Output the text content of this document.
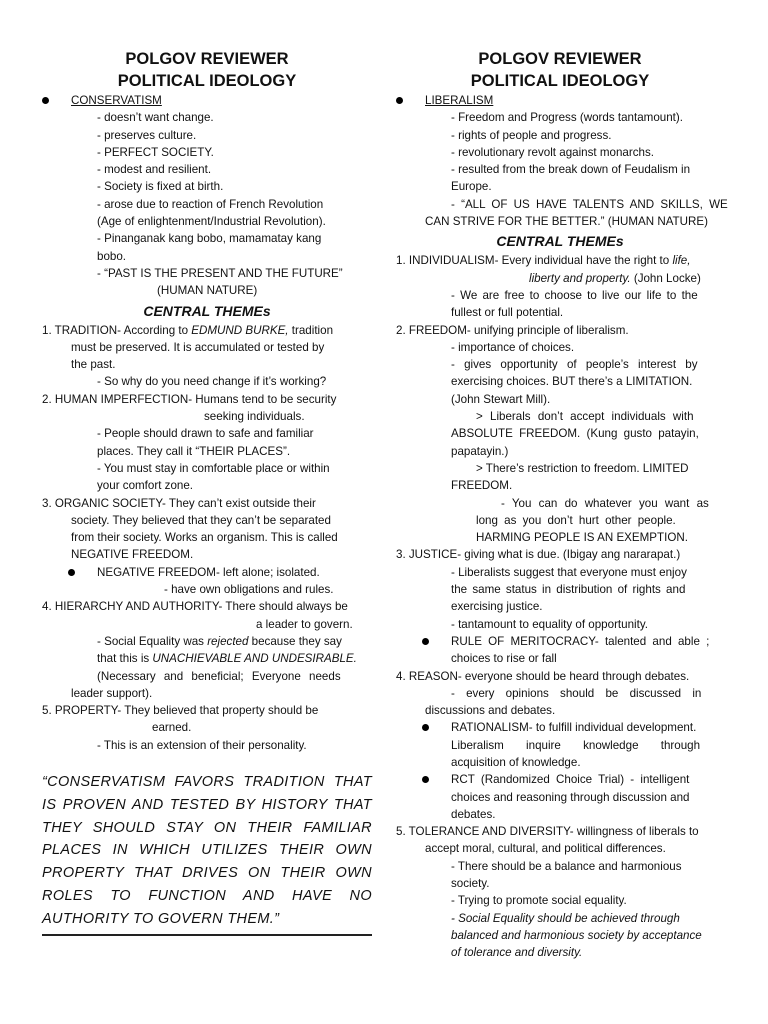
POLGOV REVIEWER
POLITICAL IDEOLOGY
CONSERVATISM
- doesn’t want change.
- preserves culture.
- PERFECT SOCIETY.
- modest and resilient.
- Society is fixed at birth.
- arose due to reaction of French Revolution
(Age of enlightenment/Industrial Revolution).
- Pinanganak kang bobo, mamamatay kang
bobo.
- “PAST IS THE PRESENT AND THE FUTURE”
(HUMAN NATURE)
CENTRAL THEMEs
1. TRADITION- According to EDMUND BURKE, tradition
must be preserved. It is accumulated or tested by
the past.
- So why do you need change if it’s working?
2. HUMAN IMPERFECTION- Humans tend to be security
seeking individuals.
- People should drawn to safe and familiar
places. They call it “THEIR PLACES”.
- You must stay in comfortable place or within
your comfort zone.
3. ORGANIC SOCIETY- They can’t exist outside their
society. They believed that they can’t be separated
from their society. Works an organism. This is called
NEGATIVE FREEDOM.
NEGATIVE FREEDOM- left alone; isolated.
- have own obligations and rules.
4. HIERARCHY AND AUTHORITY- There should always be
a leader to govern.
- Social Equality was rejected because they say
that this is UNACHIEVABLE AND UNDESIRABLE.
(Necessary and beneficial; Everyone needs
leader support).
5. PROPERTY- They believed that property should be
earned.
- This is an extension of their personality.
“CONSERVATISM FAVORS TRADITION THAT IS PROVEN AND TESTED BY HISTORY THAT THEY SHOULD STAY ON THEIR FAMILIAR PLACES IN WHICH UTILIZES THEIR OWN PROPERTY THAT DRIVES ON THEIR OWN ROLES TO FUNCTION AND HAVE NO AUTHORITY TO GOVERN THEM.”
POLGOV REVIEWER
POLITICAL IDEOLOGY
LIBERALISM
- Freedom and Progress (words tantamount).
- rights of people and progress.
- revolutionary revolt against monarchs.
- resulted from the break down of Feudalism in
Europe.
- “ALL OF US HAVE TALENTS AND SKILLS, WE
CAN STRIVE FOR THE BETTER.” (HUMAN NATURE)
CENTRAL THEMEs
1. INDIVIDUALISM- Every individual have the right to life,
liberty and property. (John Locke)
- We are free to choose to live our life to the
fullest or full potential.
2. FREEDOM- unifying principle of liberalism.
- importance of choices.
- gives opportunity of people’s interest by
exercising choices. BUT there’s a LIMITATION.
(John Stewart Mill).
> Liberals don’t accept individuals with
ABSOLUTE FREEDOM. (Kung gusto patayin,
papatayin.)
> There’s restriction to freedom. LIMITED
FREEDOM.
- You can do whatever you want as
long as you don’t hurt other people.
HARMING PEOPLE IS AN EXEMPTION.
3. JUSTICE- giving what is due. (Ibigay ang nararapat.)
- Liberalists suggest that everyone must enjoy
the same status in distribution of rights and
exercising justice.
- tantamount to equality of opportunity.
RULE OF MERITOCRACY- talented and able ;
choices to rise or fall
4. REASON- everyone should be heard through debates.
- every opinions should be discussed in
discussions and debates.
RATIONALISM- to fulfill individual development.
Liberalism inquire knowledge through
acquisition of knowledge.
RCT (Randomized Choice Trial) - intelligent
choices and reasoning through discussion and
debates.
5. TOLERANCE AND DIVERSITY- willingness of liberals to
accept moral, cultural, and political differences.
- There should be a balance and harmonious
society.
- Trying to promote social equality.
- Social Equality should be achieved through
balanced and harmonious society by acceptance
of tolerance and diversity.
